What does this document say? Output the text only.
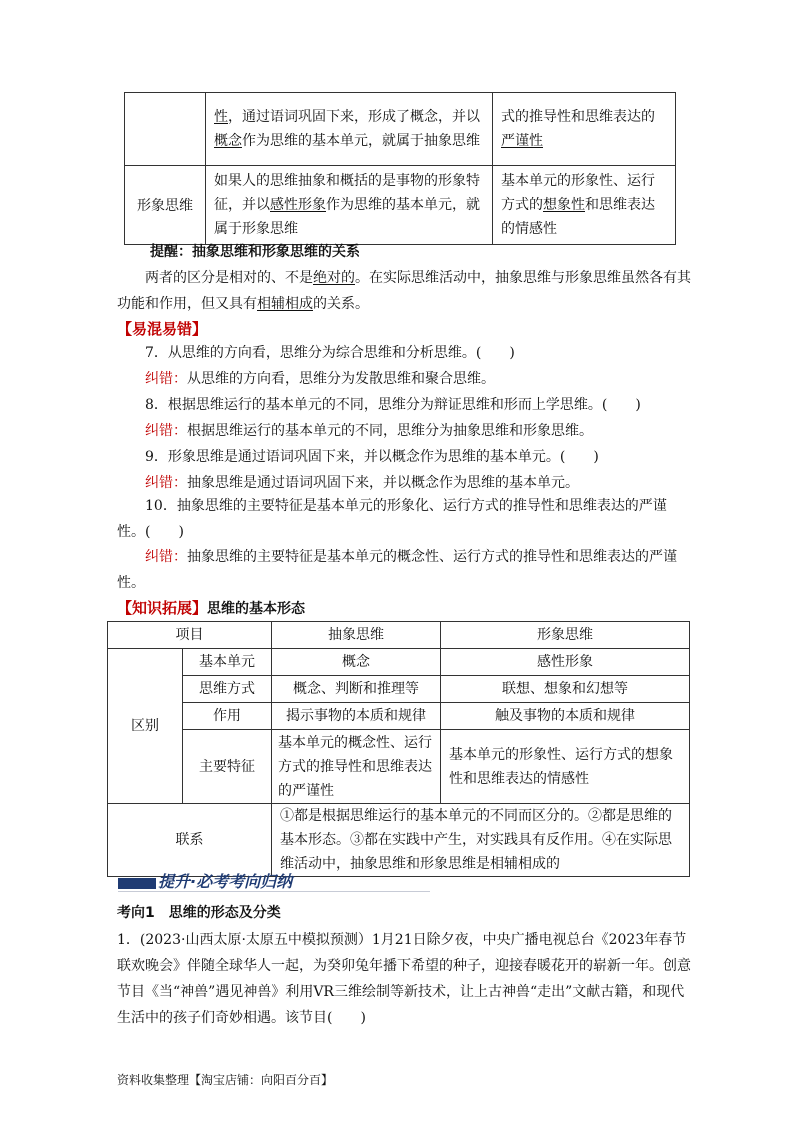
	性，通过语词巩固下来，形成了概念，并以概念作为思维的基本单元，就属于抽象思维	式的推导性和思维表达的严谨性
形象思维	如果人的思维抽象和概括的是事物的形象特征，并以感性形象作为思维的基本单元，就属于形象思维	基本单元的形象性、运行方式的想象性和思维表达的情感性
提醒：抽象思维和形象思维的关系
两者的区分是相对的、不是绝对的。在实际思维活动中，抽象思维与形象思维虽然各有其功能和作用，但又具有相辅相成的关系。
【易混易错】
7．从思维的方向看，思维分为综合思维和分析思维。(　　)
纠错：从思维的方向看，思维分为发散思维和聚合思维。
8．根据思维运行的基本单元的不同，思维分为辩证思维和形而上学思维。(　　)
纠错：根据思维运行的基本单元的不同，思维分为抽象思维和形象思维。
9．形象思维是通过语词巩固下来，并以概念作为思维的基本单元。(　　)
纠错：抽象思维是通过语词巩固下来，并以概念作为思维的基本单元。
10．抽象思维的主要特征是基本单元的形象化、运行方式的推导性和思维表达的严谨性。(　　)
纠错：抽象思维的主要特征是基本单元的概念性、运行方式的推导性和思维表达的严谨性。
【知识拓展】思维的基本形态
项目		抽象思维	形象思维
区别	基本单元	概念	感性形象
	思维方式	概念、判断和推理等	联想、想象和幻想等
	作用	揭示事物的本质和规律	触及事物的本质和规律
	主要特征	基本单元的概念性、运行方式的推导性和思维表达的严谨性	基本单元的形象性、运行方式的想象性和思维表达的情感性
联系		①都是根据思维运行的基本单元的不同而区分的。②都是思维的基本形态。③都在实践中产生，对实践具有反作用。④在实际思维活动中，抽象思维和形象思维是相辅相成的	
提升·必考考向归纳
考向1　思维的形态及分类
1．(2023·山西太原·太原五中模拟预测）1月21日除夕夜，中央广播电视总台《2023年春节联欢晚会》伴随全球华人一起，为癸卯兔年播下希望的种子，迎接春暖花开的崭新一年。创意节目《当“神兽”遇见神兽》利用VR三维绘制等新技术，让上古神兽“走出”文献古籍，和现代生活中的孩子们奇妙相遇。该节目(　　)
资料收集整理【淘宝店铺：向阳百分百】
